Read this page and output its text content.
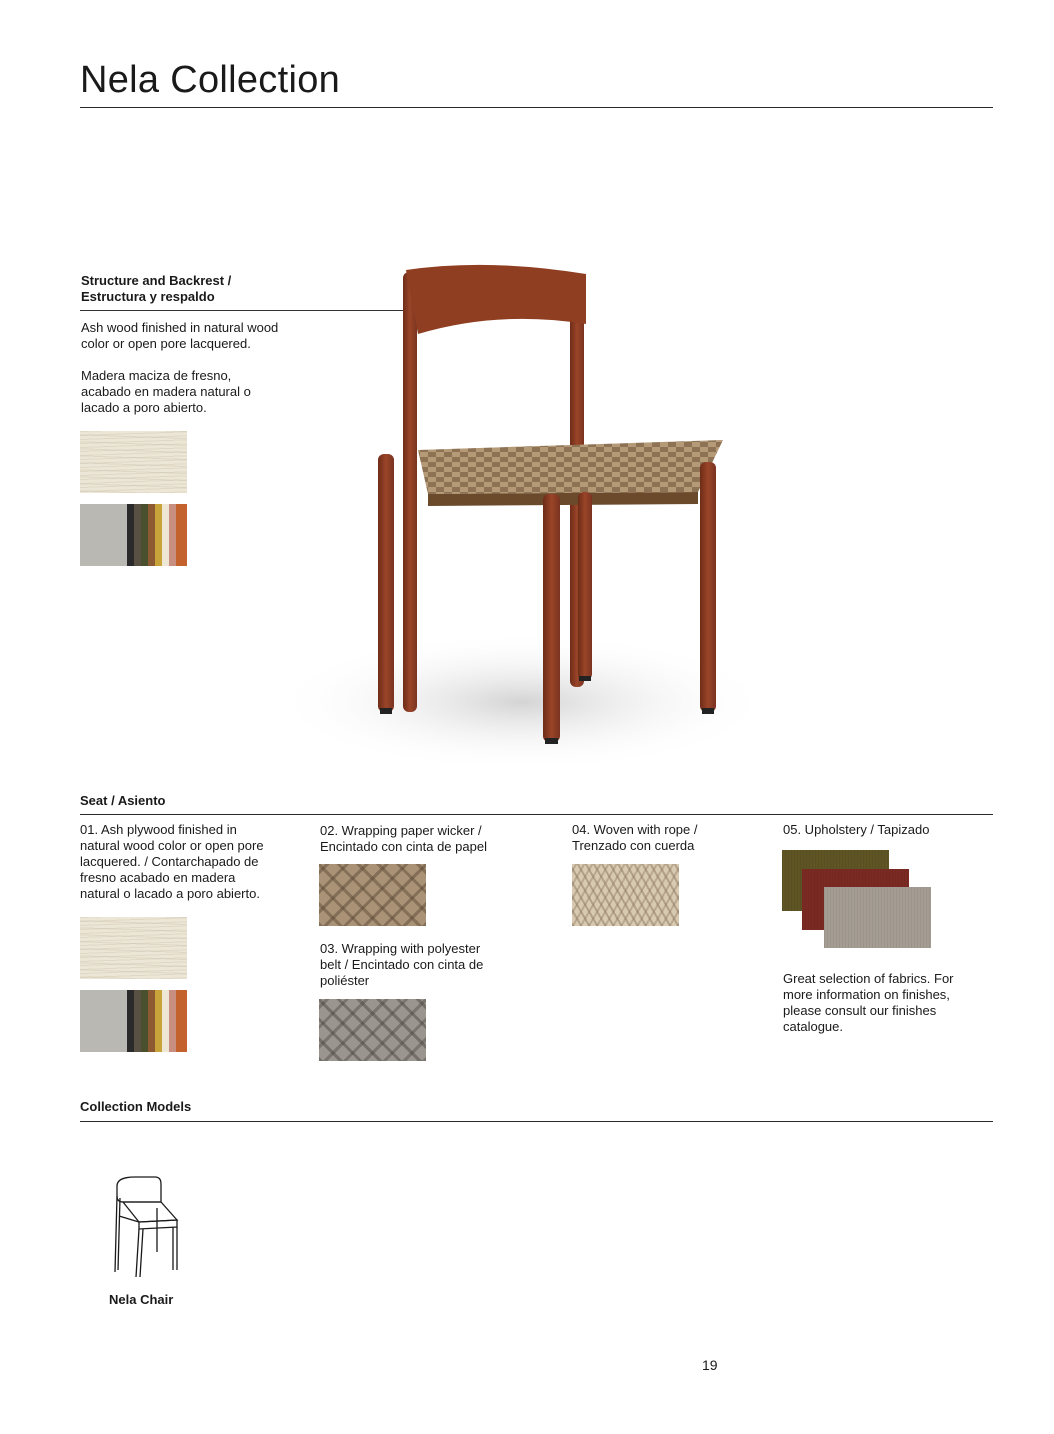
Nela Collection
Structure and Backrest /
Estructura y respaldo
Ash wood finished in natural wood
color or open pore lacquered.
Madera maciza de fresno,
acabado en madera natural o
lacado a poro abierto.
Seat / Asiento
01. Ash plywood finished in
natural wood color or open pore
lacquered. / Contarchapado de
fresno acabado en madera
natural o lacado a poro abierto.
02. Wrapping paper wicker /
Encintado con cinta de papel
03. Wrapping with polyester
belt / Encintado con cinta de
poliéster
04. Woven with rope /
Trenzado con cuerda
05. Upholstery / Tapizado
Great selection of fabrics. For
more information on finishes,
please consult our finishes
catalogue.
Collection Models
Nela Chair
19
